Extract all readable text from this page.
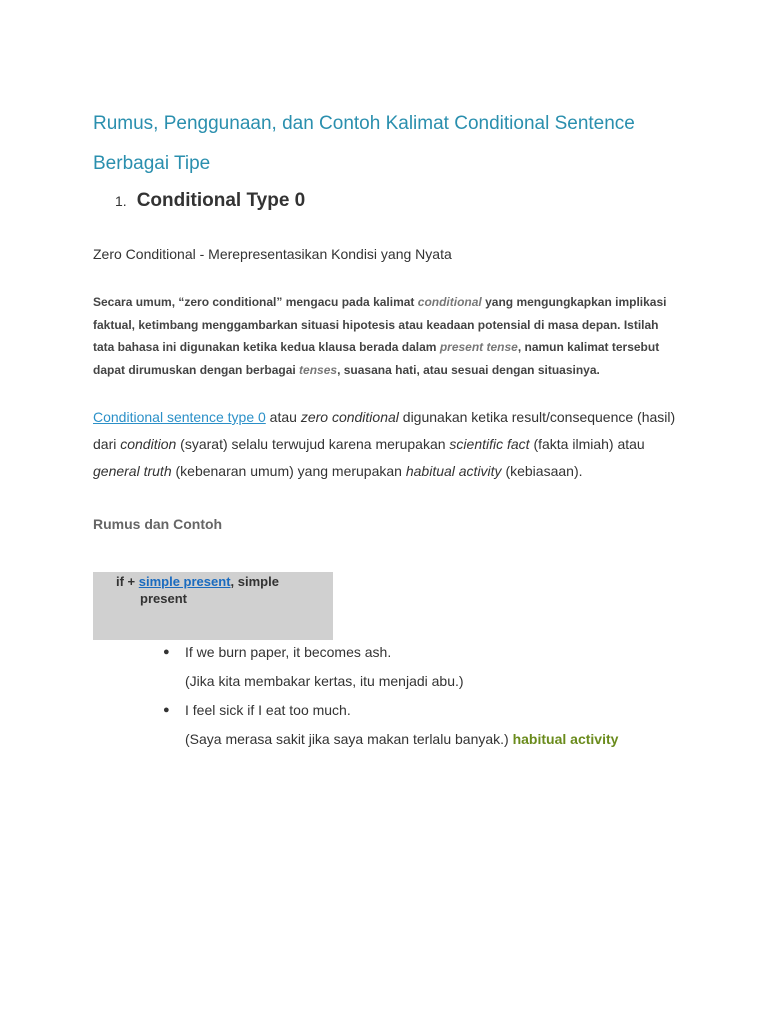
Rumus, Penggunaan, dan Contoh Kalimat Conditional Sentence Berbagai Tipe
1. Conditional Type 0
Zero Conditional - Merepresentasikan Kondisi yang Nyata

Secara umum, “zero conditional” mengacu pada kalimat conditional yang mengungkapkan implikasi faktual, ketimbang menggambarkan situasi hipotesis atau keadaan potensial di masa depan. Istilah tata bahasa ini digunakan ketika kedua klausa berada dalam present tense, namun kalimat tersebut dapat dirumuskan dengan berbagai tenses, suasana hati, atau sesuai dengan situasinya.

Conditional sentence type 0 atau zero conditional digunakan ketika result/consequence (hasil) dari condition (syarat) selalu terwujud karena merupakan scientific fact (fakta ilmiah) atau general truth (kebenaran umum) yang merupakan habitual activity (kebiasaan).

Rumus dan Contoh
if + simple present, simple
present
● If we burn paper, it becomes ash.
(Jika kita membakar kertas, itu menjadi abu.)
● I feel sick if I eat too much.
(Saya merasa sakit jika saya makan terlalu banyak.) habitual activity
